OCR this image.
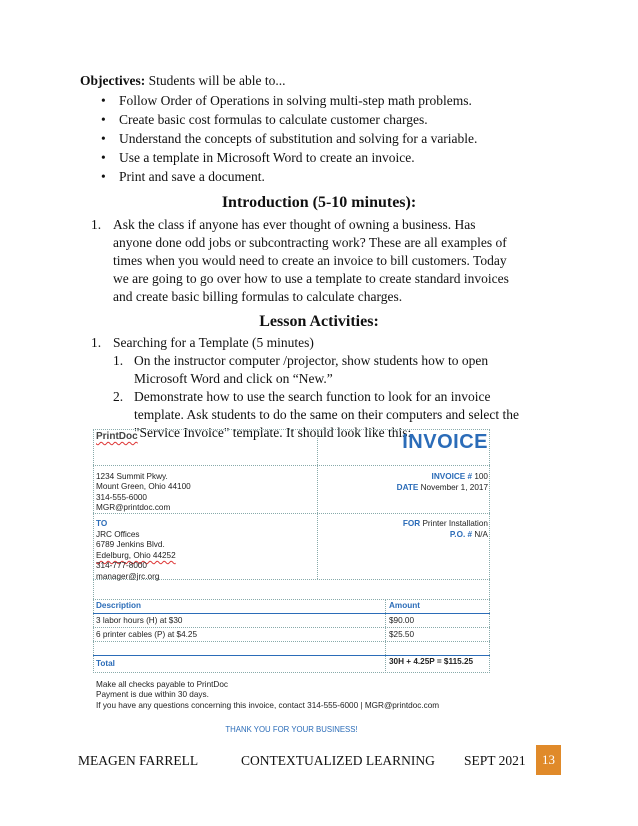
Objectives: Students will be able to...
• Follow Order of Operations in solving multi-step math problems.
• Create basic cost formulas to calculate customer charges.
• Understand the concepts of substitution and solving for a variable.
• Use a template in Microsoft Word to create an invoice.
• Print and save a document.
Introduction (5-10 minutes):
1. Ask the class if anyone has ever thought of owning a business. Has
anyone done odd jobs or subcontracting work? These are all examples of
times when you would need to create an invoice to bill customers. Today
we are going to go over how to use a template to create standard invoices
and create basic billing formulas to calculate charges.
Lesson Activities:
1. Searching for a Template (5 minutes)
1. On the instructor computer /projector, show students how to open
Microsoft Word and click on “New.”
2. Demonstrate how to use the search function to look for an invoice
template. Ask students to do the same on their computers and select the
"Service Invoice" template. It should look like this:
PrintDoc	INVOICE
1234 Summit Pkwy.
Mount Green, Ohio 44100
314-555-6000
MGR@printdoc.com
INVOICE # 100
DATE November 1, 2017
TO
JRC Offices
6789 Jenkins Blvd.
Edelburg, Ohio 44252
314-777-8000
manager@jrc.org
FOR Printer Installation
P.O. # N/A
Description	Amount
3 labor hours (H) at $30	$90.00
6 printer cables (P) at $4.25	$25.50
Total	30H + 4.25P = $115.25
Make all checks payable to PrintDoc
Payment is due within 30 days.
If you have any questions concerning this invoice, contact 314-555-6000 | MGR@printdoc.com
THANK YOU FOR YOUR BUSINESS!
MEAGEN FARRELL	CONTEXTUALIZED LEARNING SEPT 2021	13
